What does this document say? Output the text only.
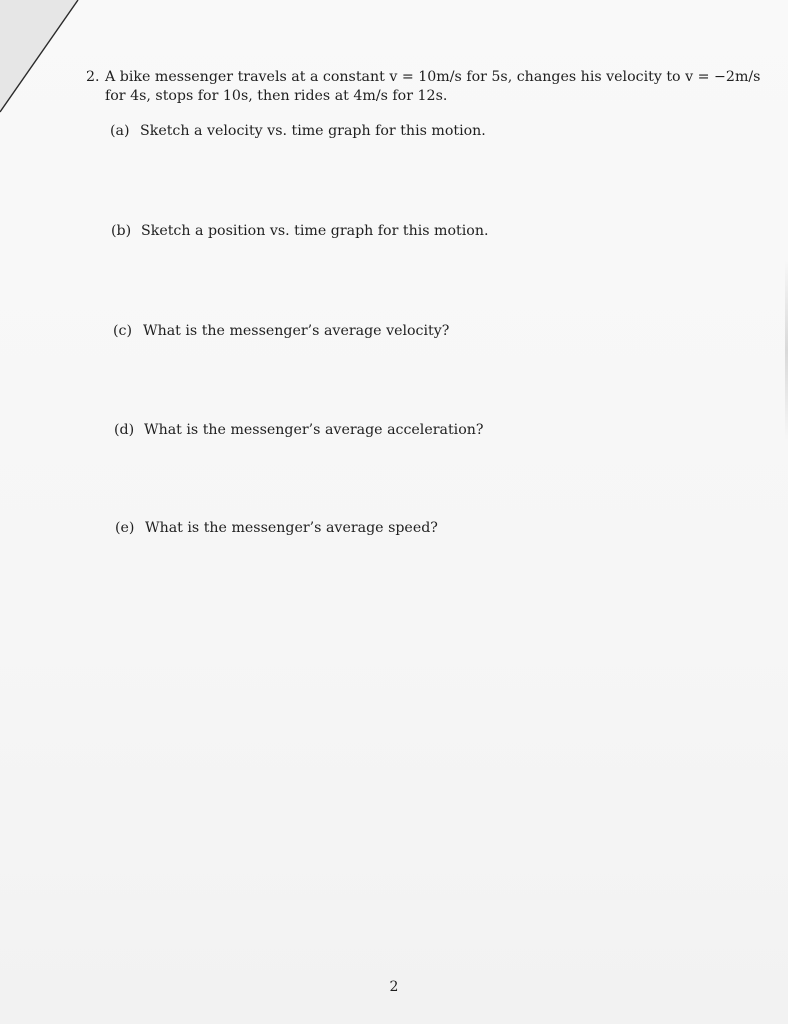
2. A bike messenger travels at a constant v = 10m/s for 5s, changes his velocity to v = −2m/s
for 4s, stops for 10s, then rides at 4m/s for 12s.
(a) Sketch a velocity vs. time graph for this motion.
(b) Sketch a position vs. time graph for this motion.
(c) What is the messenger’s average velocity?
(d) What is the messenger’s average acceleration?
(e) What is the messenger’s average speed?
2
